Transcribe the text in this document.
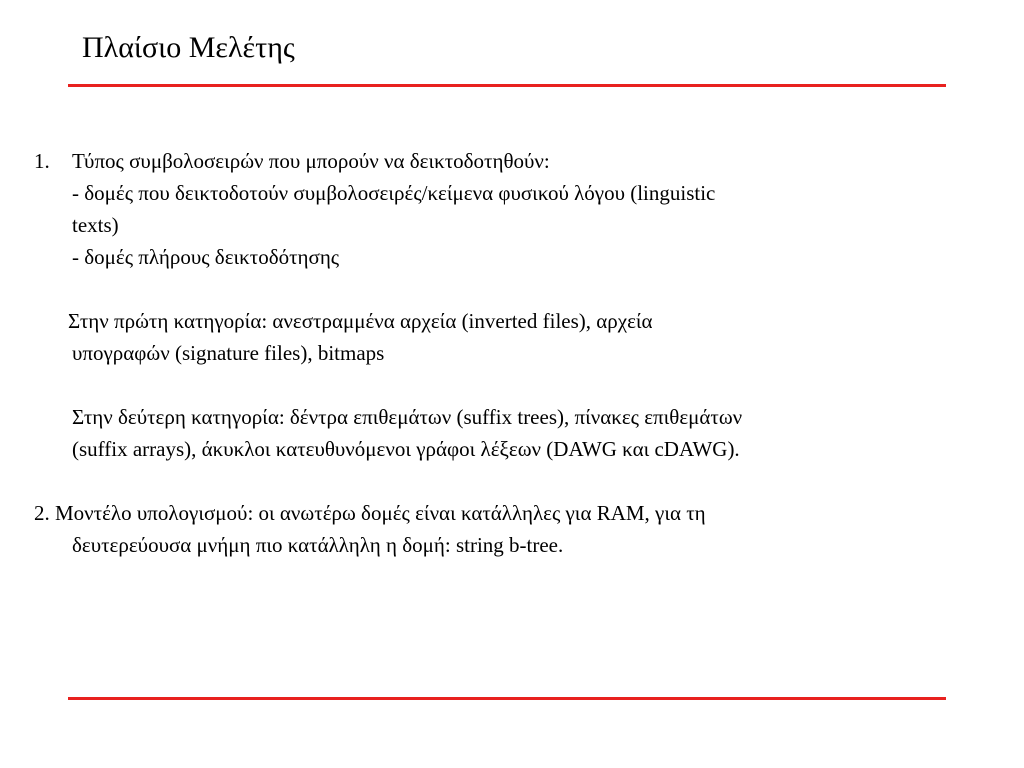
Πλαίσιο Μελέτης
1. Τύπος συμβολοσειρών που μπορούν να δεικτοδοτηθούν:
- δομές που δεικτοδοτούν συμβολοσειρές/κείμενα φυσικού λόγου (linguistic
texts)
- δομές πλήρους δεικτοδότησης
Στην πρώτη κατηγορία: ανεστραμμένα αρχεία (inverted files), αρχεία
υπογραφών (signature files), bitmaps
Στην δεύτερη κατηγορία: δέντρα επιθεμάτων (suffix trees), πίνακες επιθεμάτων
(suffix arrays), άκυκλοι κατευθυνόμενοι γράφοι λέξεων (DAWG και cDAWG).
2. Μοντέλο υπολογισμού: οι ανωτέρω δομές είναι κατάλληλες για RAM, για τη
δευτερεύουσα μνήμη πιο κατάλληλη η δομή: string b-tree.
